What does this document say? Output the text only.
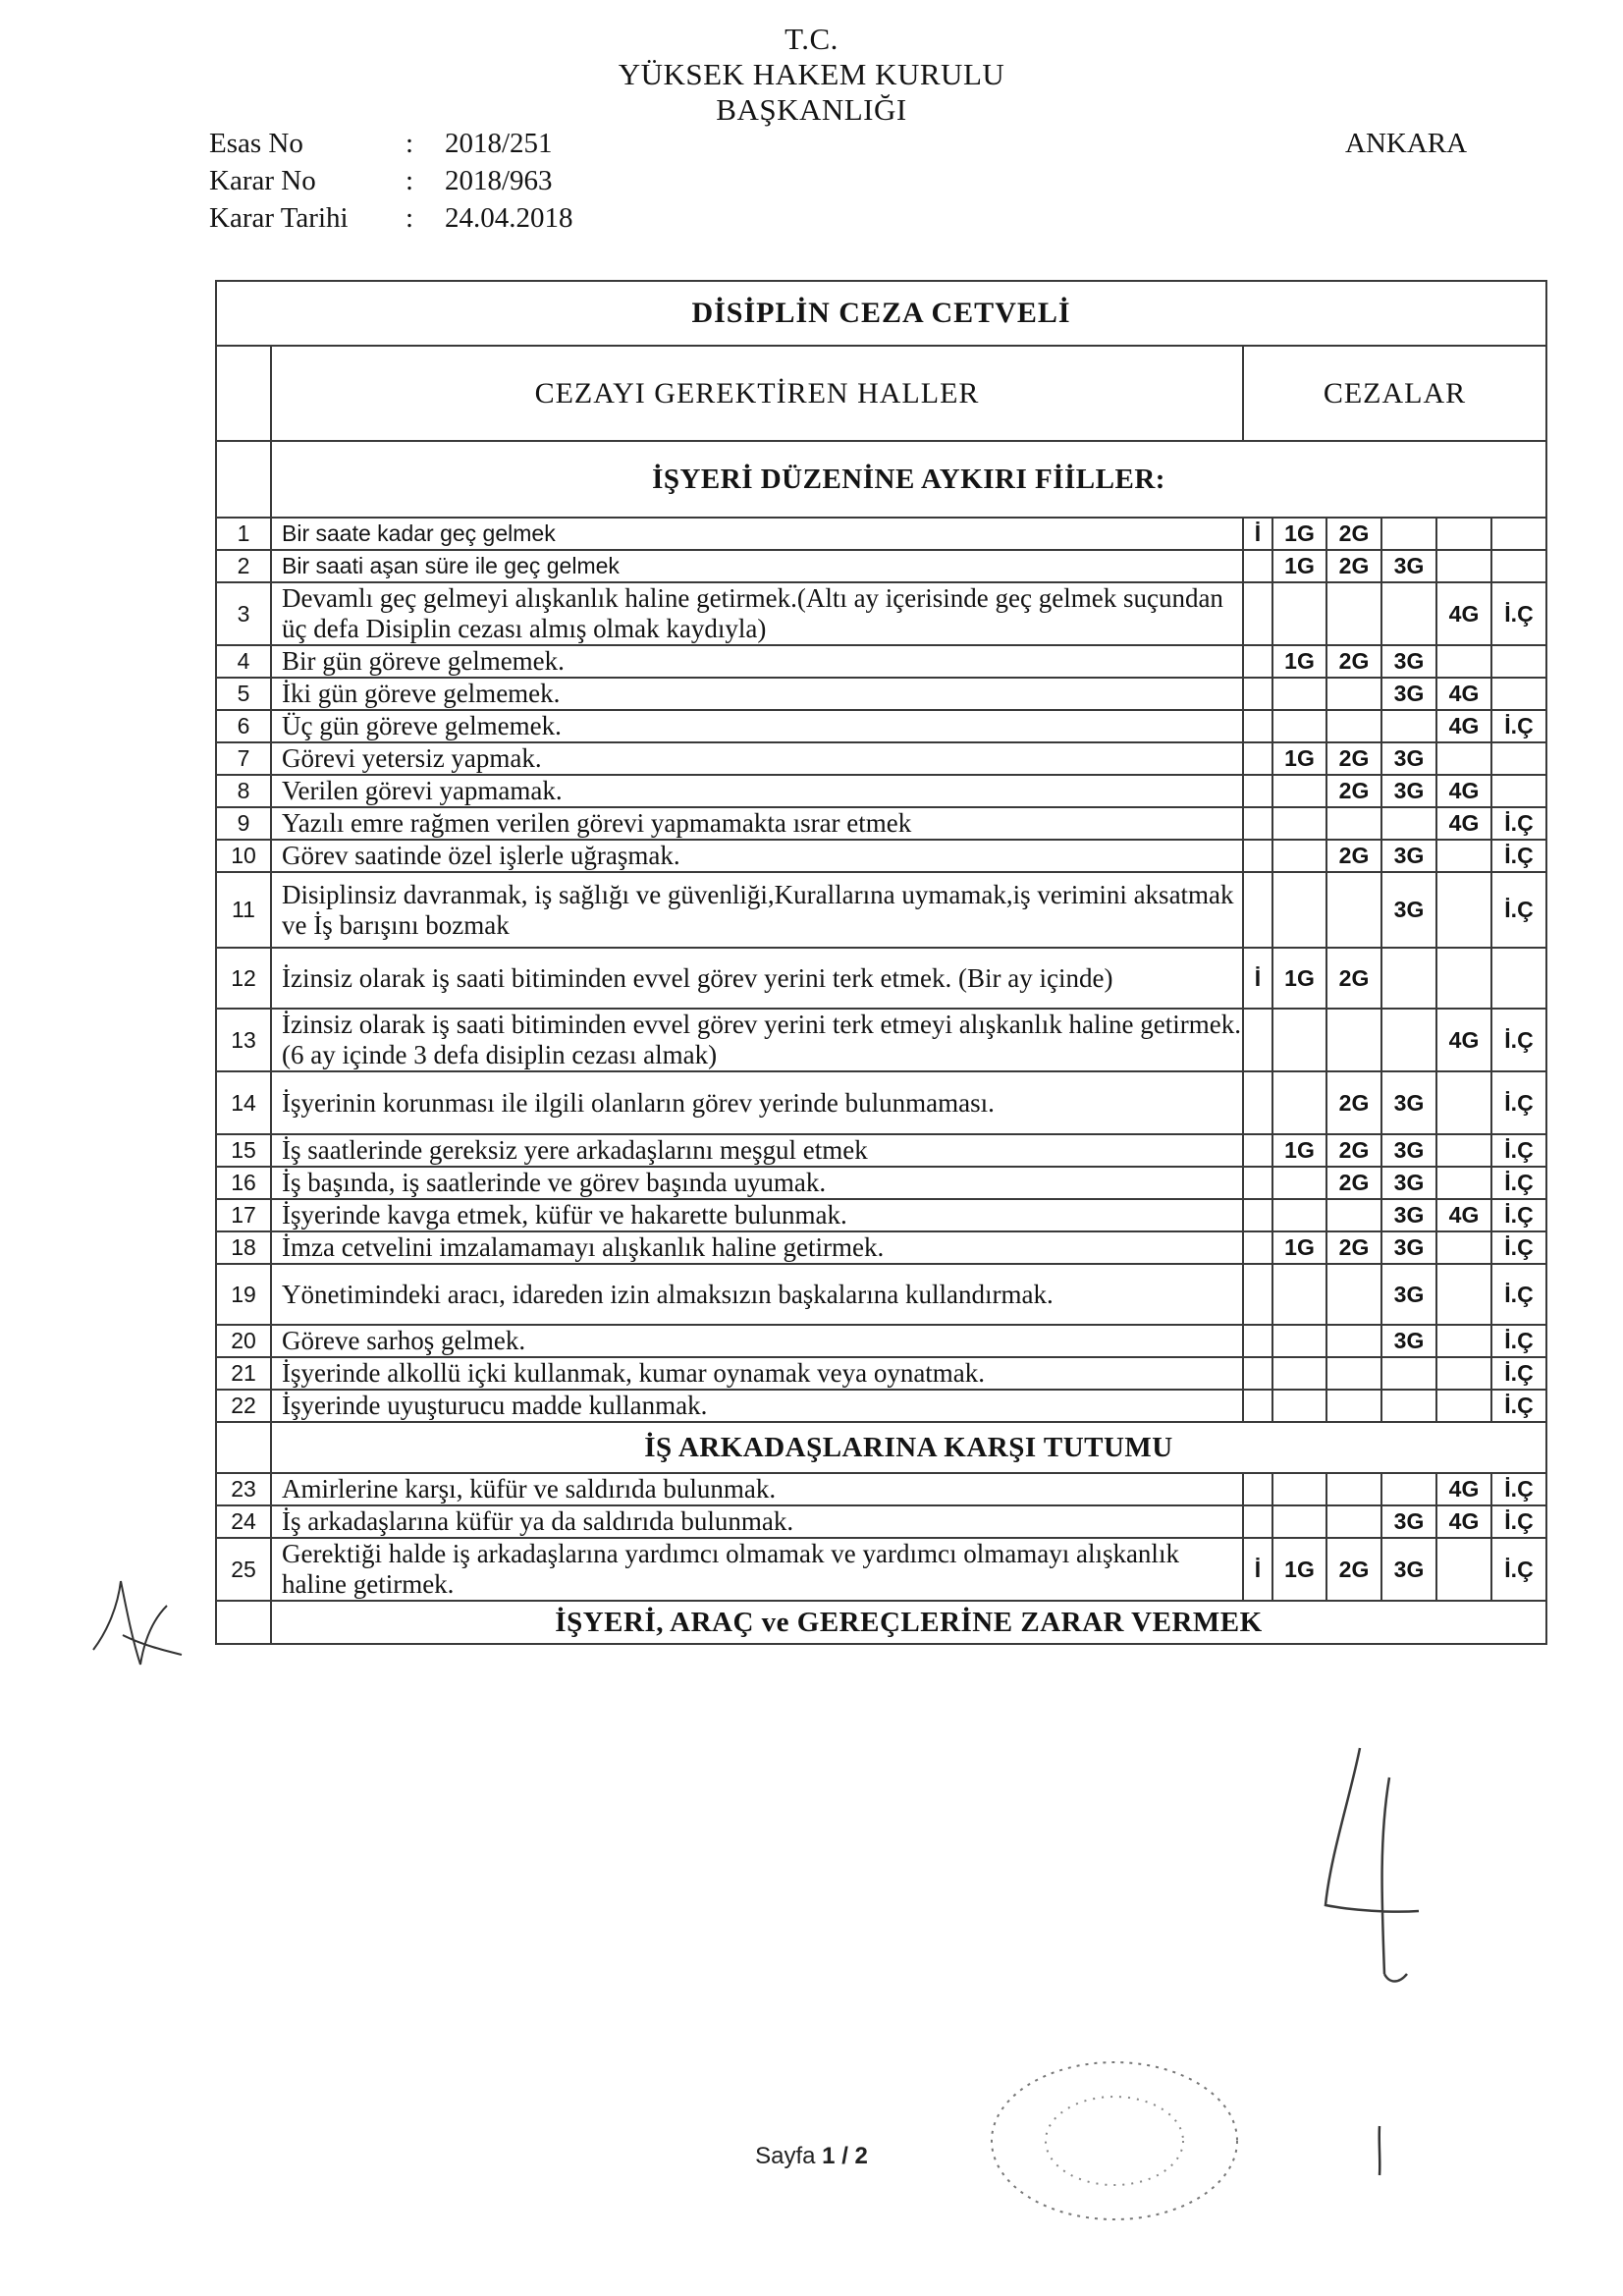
T.C.
YÜKSEK HAKEM KURULU
BAŞKANLIĞI
Esas No	: 2018/251
Karar No	: 2018/963
Karar Tarihi : 24.04.2018
ANKARA
DİSİPLİN CEZA CETVELİ							
	CEZAYI GEREKTİREN HALLER	CEZALAR					
	İŞYERİ DÜZENİNE AYKIRI FİİLLER:						
1	Bir saate kadar geç gelmek	İ	1G	2G			
2	Bir saati aşan süre ile geç gelmek		1G	2G	3G		
3	Devamlı geç gelmeyi alışkanlık haline getirmek.(Altı ay içerisinde geç gelmek suçundan üç defa Disiplin cezası almış olmak kaydıyla)					4G	İ.Ç
4	Bir gün göreve gelmemek.		1G	2G	3G		
5	İki gün göreve gelmemek.				3G	4G	
6	Üç gün göreve gelmemek.					4G	İ.Ç
7	Görevi yetersiz yapmak.		1G	2G	3G		
8	Verilen görevi yapmamak.			2G	3G	4G	
9	Yazılı emre rağmen verilen görevi yapmamakta ısrar etmek					4G	İ.Ç
10	Görev saatinde özel işlerle uğraşmak.			2G	3G		İ.Ç
11	Disiplinsiz davranmak, iş sağlığı ve güvenliği,Kurallarına uymamak,iş verimini aksatmak ve İş barışını bozmak				3G		İ.Ç
12	İzinsiz olarak iş saati bitiminden evvel görev yerini terk etmek. (Bir ay içinde)	İ	1G	2G			
13	İzinsiz olarak iş saati bitiminden evvel görev yerini terk etmeyi alışkanlık haline getirmek. (6 ay içinde 3 defa disiplin cezası almak)					4G	İ.Ç
14	İşyerinin korunması ile ilgili olanların görev yerinde bulunmaması.			2G	3G		İ.Ç
15	İş saatlerinde gereksiz yere arkadaşlarını meşgul etmek		1G	2G	3G		İ.Ç
16	İş başında, iş saatlerinde ve görev başında uyumak.			2G	3G		İ.Ç
17	İşyerinde kavga etmek, küfür ve hakarette bulunmak.				3G	4G	İ.Ç
18	İmza cetvelini imzalamamayı alışkanlık haline getirmek.		1G	2G	3G		İ.Ç
19	Yönetimindeki aracı, idareden izin almaksızın başkalarına kullandırmak.				3G		İ.Ç
20	Göreve sarhoş gelmek.				3G		İ.Ç
21	İşyerinde alkollü içki kullanmak, kumar oynamak veya oynatmak.						İ.Ç
22	İşyerinde uyuşturucu madde kullanmak.						İ.Ç
	İŞ ARKADAŞLARINA KARŞI TUTUMU						
23	Amirlerine karşı, küfür ve saldırıda bulunmak.					4G	İ.Ç
24	İş arkadaşlarına küfür ya da saldırıda bulunmak.				3G	4G	İ.Ç
25	Gerektiği halde iş arkadaşlarına yardımcı olmamak ve yardımcı olmamayı alışkanlık haline getirmek.	İ	1G	2G	3G		İ.Ç
	İŞYERİ, ARAÇ ve GEREÇLERİNE ZARAR VERMEK						
Sayfa 1 / 2
